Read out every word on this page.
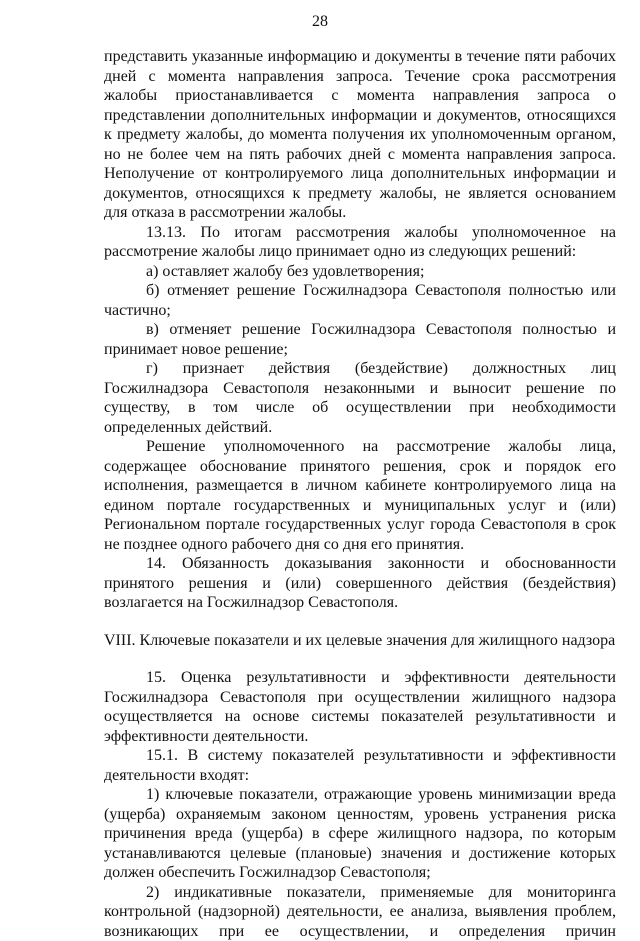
28

представить указанные информацию и документы в течение пяти рабочих дней с момента направления запроса. Течение срока рассмотрения жалобы приостанавливается с момента направления запроса о представлении дополнительных информации и документов, относящихся к предмету жалобы, до момента получения их уполномоченным органом, но не более чем на пять рабочих дней с момента направления запроса. Неполучение от контролируемого лица дополнительных информации и документов, относящихся к предмету жалобы, не является основанием для отказа в рассмотрении жалобы.

13.13. По итогам рассмотрения жалобы уполномоченное на рассмотрение жалобы лицо принимает одно из следующих решений:

а) оставляет жалобу без удовлетворения;

б) отменяет решение Госжилнадзора Севастополя полностью или частично;

в) отменяет решение Госжилнадзора Севастополя полностью и принимает новое решение;

г) признает действия (бездействие) должностных лиц Госжилнадзора Севастополя незаконными и выносит решение по существу, в том числе об осуществлении при необходимости определенных действий.

Решение уполномоченного на рассмотрение жалобы лица, содержащее обоснование принятого решения, срок и порядок его исполнения, размещается в личном кабинете контролируемого лица на едином портале государственных и муниципальных услуг и (или) Региональном портале государственных услуг города Севастополя в срок не позднее одного рабочего дня со дня его принятия.

14. Обязанность доказывания законности и обоснованности принятого решения и (или) совершенного действия (бездействия) возлагается на Госжилнадзор Севастополя.

VIII. Ключевые показатели и их целевые значения для жилищного надзора

15. Оценка результативности и эффективности деятельности Госжилнадзора Севастополя при осуществлении жилищного надзора осуществляется на основе системы показателей результативности и эффективности деятельности.

15.1. В систему показателей результативности и эффективности деятельности входят:

1) ключевые показатели, отражающие уровень минимизации вреда (ущерба) охраняемым законом ценностям, уровень устранения риска причинения вреда (ущерба) в сфере жилищного надзора, по которым устанавливаются целевые (плановые) значения и достижение которых должен обеспечить Госжилнадзор Севастополя;

2) индикативные показатели, применяемые для мониторинга контрольной (надзорной) деятельности, ее анализа, выявления проблем, возникающих при ее осуществлении, и определения причин
